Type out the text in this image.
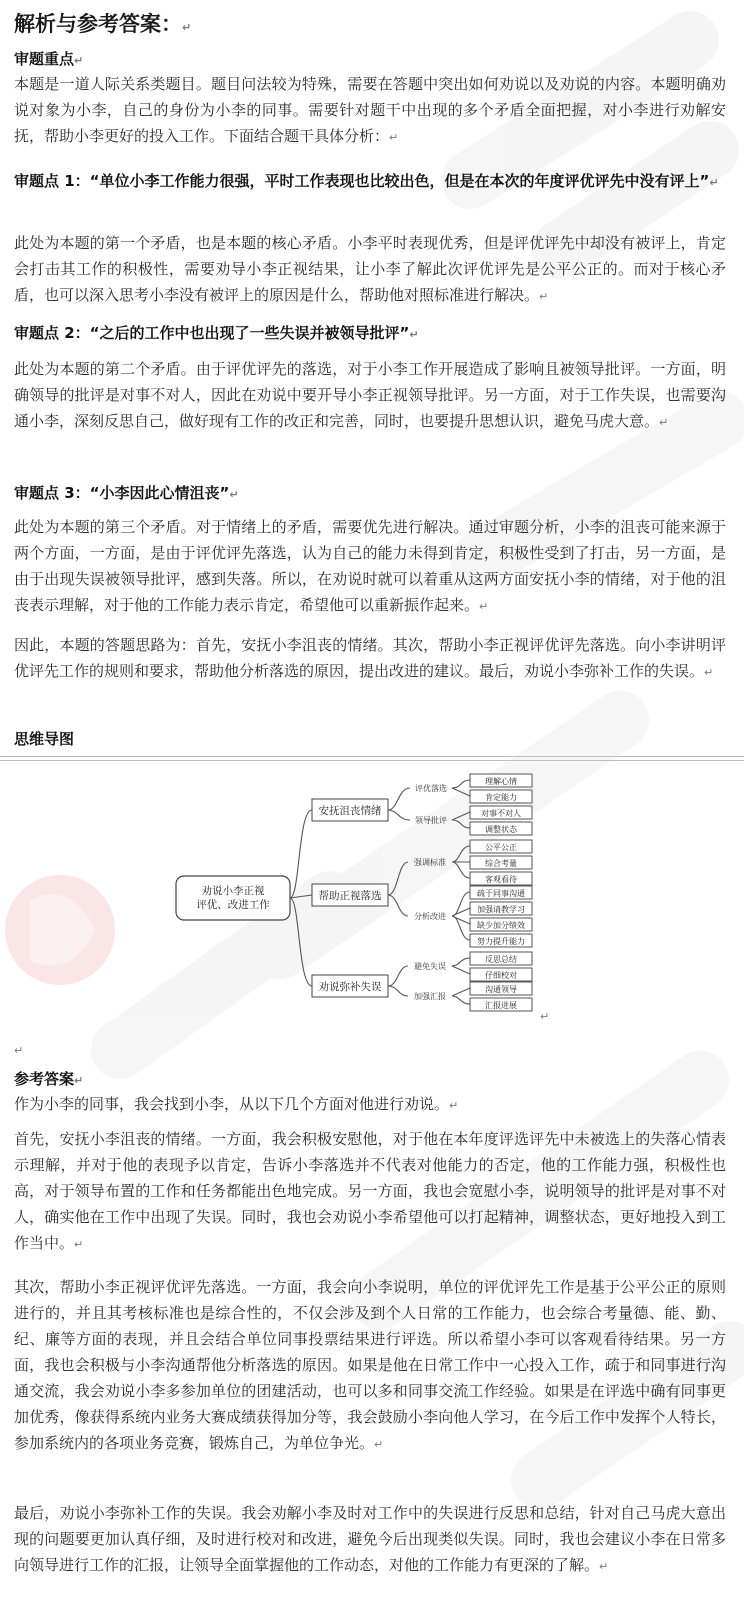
解析与参考答案：↵
审题重点↵
本题是一道人际关系类题目。题目问法较为特殊，需要在答题中突出如何劝说以及劝说的内容。本题明确劝说对象为小李，自己的身份为小李的同事。需要针对题干中出现的多个矛盾全面把握，对小李进行劝解安抚，帮助小李更好的投入工作。下面结合题干具体分析：↵
审题点 1：“单位小李工作能力很强，平时工作表现也比较出色，但是在本次的年度评优评先中没有评上”↵
此处为本题的第一个矛盾，也是本题的核心矛盾。小李平时表现优秀，但是评优评先中却没有被评上，肯定会打击其工作的积极性，需要劝导小李正视结果，让小李了解此次评优评先是公平公正的。而对于核心矛盾，也可以深入思考小李没有被评上的原因是什么，帮助他对照标准进行解决。↵
审题点 2：“之后的工作中也出现了一些失误并被领导批评”↵
此处为本题的第二个矛盾。由于评优评先的落选，对于小李工作开展造成了影响且被领导批评。一方面，明确领导的批评是对事不对人，因此在劝说中要开导小李正视领导批评。另一方面，对于工作失误，也需要沟通小李，深刻反思自己，做好现有工作的改正和完善，同时，也要提升思想认识，避免马虎大意。↵
审题点 3：“小李因此心情沮丧”↵
此处为本题的第三个矛盾。对于情绪上的矛盾，需要优先进行解决。通过审题分析，小李的沮丧可能来源于两个方面，一方面，是由于评优评先落选，认为自己的能力未得到肯定，积极性受到了打击，另一方面，是由于出现失误被领导批评，感到失落。所以，在劝说时就可以着重从这两方面安抚小李的情绪，对于他的沮丧表示理解，对于他的工作能力表示肯定，希望他可以重新振作起来。↵
因此，本题的答题思路为：首先，安抚小李沮丧的情绪。其次，帮助小李正视评优评先落选。向小李讲明评优评先工作的规则和要求，帮助他分析落选的原因，提出改进的建议。最后，劝说小李弥补工作的失误。↵
思维导图
劝说小李正视
评优、改进工作
安抚沮丧情绪
帮助正视落选
劝说弥补失误
评优落选
领导批评
强调标准
分析改进
避免失误
加强汇报
理解心情
肯定能力
对事不对人
调整状态
公平公正
综合考量
客观看待
疏于同事沟通
加强请教学习
缺少加分绩效
努力提升能力
反思总结
仔细校对
沟通领导
汇报进展
↵
↵
参考答案↵
作为小李的同事，我会找到小李，从以下几个方面对他进行劝说。↵
首先，安抚小李沮丧的情绪。一方面，我会积极安慰他，对于他在本年度评选评先中未被选上的失落心情表示理解，并对于他的表现予以肯定，告诉小李落选并不代表对他能力的否定，他的工作能力强，积极性也高，对于领导布置的工作和任务都能出色地完成。另一方面，我也会宽慰小李，说明领导的批评是对事不对人，确实他在工作中出现了失误。同时，我也会劝说小李希望他可以打起精神，调整状态，更好地投入到工作当中。↵
其次，帮助小李正视评优评先落选。一方面，我会向小李说明，单位的评优评先工作是基于公平公正的原则进行的，并且其考核标准也是综合性的，不仅会涉及到个人日常的工作能力，也会综合考量德、能、勤、纪、廉等方面的表现，并且会结合单位同事投票结果进行评选。所以希望小李可以客观看待结果。另一方面，我也会积极与小李沟通帮他分析落选的原因。如果是他在日常工作中一心投入工作，疏于和同事进行沟通交流，我会劝说小李多参加单位的团建活动，也可以多和同事交流工作经验。如果是在评选中确有同事更加优秀，像获得系统内业务大赛成绩获得加分等，我会鼓励小李向他人学习，在今后工作中发挥个人特长，参加系统内的各项业务竞赛，锻炼自己，为单位争光。↵
最后，劝说小李弥补工作的失误。我会劝解小李及时对工作中的失误进行反思和总结，针对自己马虎大意出现的问题要更加认真仔细，及时进行校对和改进，避免今后出现类似失误。同时，我也会建议小李在日常多向领导进行工作的汇报，让领导全面掌握他的工作动态，对他的工作能力有更深的了解。↵
